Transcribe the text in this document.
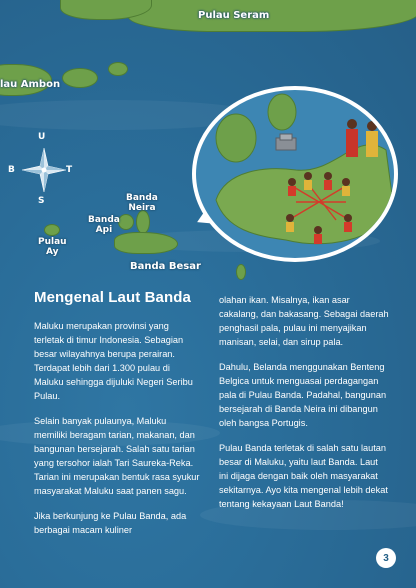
Pulau Seram
lau Ambon
Banda
Neira
Banda
Api
Pulau
Ay
Banda Besar
U
S
B	T
Mengenal Laut Banda

Maluku merupakan provinsi yang terletak di timur Indonesia. Sebagian besar wilayahnya berupa perairan. Terdapat lebih dari 1.300 pulau di Maluku sehingga dijuluki Negeri Seribu Pulau.

Selain banyak pulaunya, Maluku memiliki beragam tarian, makanan, dan bangunan bersejarah. Salah satu tarian yang tersohor ialah Tari Saureka-Reka. Tarian ini merupakan bentuk rasa syukur masyarakat Maluku saat panen sagu.

Jika berkunjung ke Pulau Banda, ada berbagai macam kuliner

olahan ikan. Misalnya, ikan asar cakalang, dan bakasang. Sebagai daerah penghasil pala, pulau ini menyajikan manisan, selai, dan sirup pala.

Dahulu, Belanda menggunakan Benteng Belgica untuk menguasai perdagangan pala di Pulau Banda. Padahal, bangunan bersejarah di Banda Neira ini dibangun oleh bangsa Portugis.

Pulau Banda terletak di salah satu lautan besar di Maluku, yaitu laut Banda. Laut ini dijaga dengan baik oleh masyarakat sekitarnya. Ayo kita mengenal lebih dekat tentang kekayaan Laut Banda!

3
